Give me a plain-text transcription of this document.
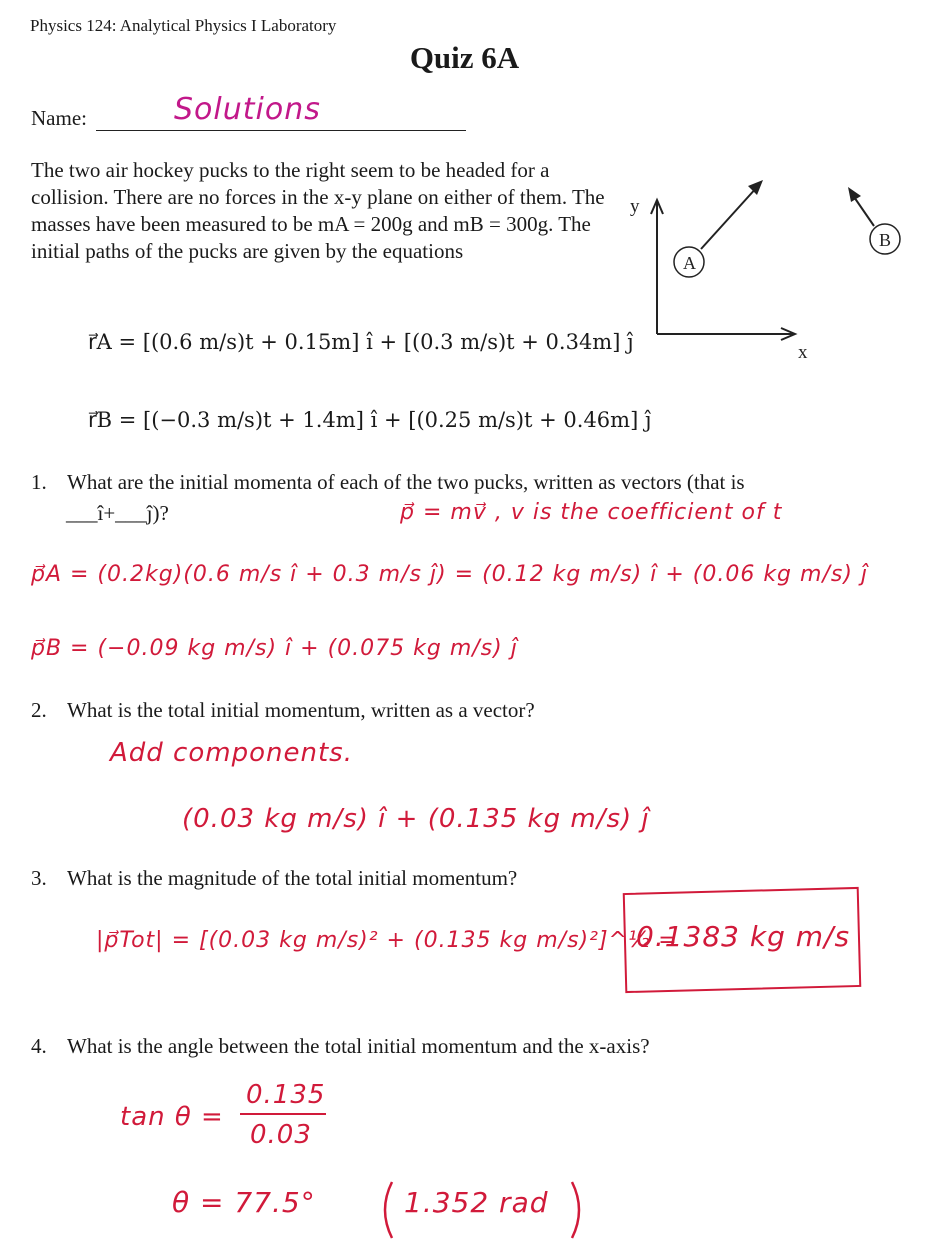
Physics 124: Analytical Physics I Laboratory
Quiz 6A
Name:	Solutions
The two air hockey pucks to the right seem to be headed for a collision. There are no forces in the x-y plane on either of them. The masses have been measured to be mA = 200g and mB = 300g. The initial paths of the pucks are given by the equations
y
x
A
B
r⃗A = [(0.6 m/s)t + 0.15m] î + [(0.3 m/s)t + 0.34m] ĵ
r⃗B = [(−0.3 m/s)t + 1.4m] î + [(0.25 m/s)t + 0.46m] ĵ
1. What are the initial momenta of each of the two pucks, written as vectors (that is
___î+___ĵ)?	p⃗ = mv⃗ , v is the coefficient of t
p⃗A = (0.2kg)(0.6 m/s î + 0.3 m/s ĵ) = (0.12 kg m/s) î + (0.06 kg m/s) ĵ
p⃗B = (−0.09 kg m/s) î + (0.075 kg m/s) ĵ
2. What is the total initial momentum, written as a vector?
Add components.
(0.03 kg m/s) î + (0.135 kg m/s) ĵ
3. What is the magnitude of the total initial momentum?
|p⃗Tot| = [(0.03 kg m/s)² + (0.135 kg m/s)²]^½ =
0.1383 kg m/s
4. What is the angle between the total initial momentum and the x-axis?
tan θ =
0.135
0.03
θ = 77.5°	1.352 rad
